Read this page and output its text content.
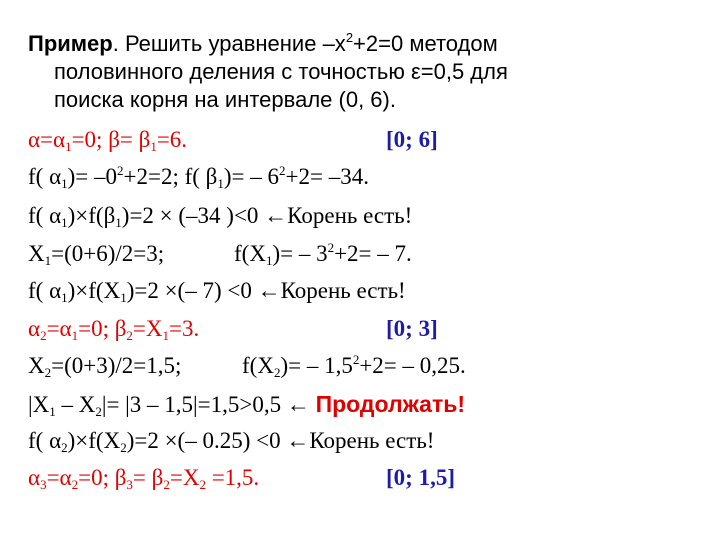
Пример. Решить уравнение $-x^2+2=0$ методом
половинного деления с точностью ε=0,5 для
поиска корня на интервале (0, 6).
$\alpha=\alpha_1=0$; $\beta= \beta_1=6$.	[0; 6]
f( $\alpha_1)= -0^2+2=2$; f( $\beta_1)= - 6^2+2= -34$.
f( $\alpha_1)\times f(\beta_1)=2 \times (-34$ )<0 ←Корень есть!
$X_1=(0+6)/2=3$;	$f(X_1)= - 3^2+2= - 7$.
f( $\alpha_1)\times f(X_1)=2$ ×(– 7) <0 ←Корень есть!
$\alpha_2=\alpha_1=0$; $\beta_2=X_1=3$.	[0; 3]
$X_2=(0+3)/2=1,5$;	$f(X_2)= - 1,5^2+2= - 0,25$.
$|X_1 - X_2|= |3 - 1,5|=1,5>0,5$ ← Продолжать!
f( $\alpha_2)\times f(X_2)=2$ ×(– 0.25) <0 ←Корень есть!
$\alpha_3=\alpha_2=0$; $\beta_3= \beta_2=X_2 =1,5$.	[0; 1,5]
